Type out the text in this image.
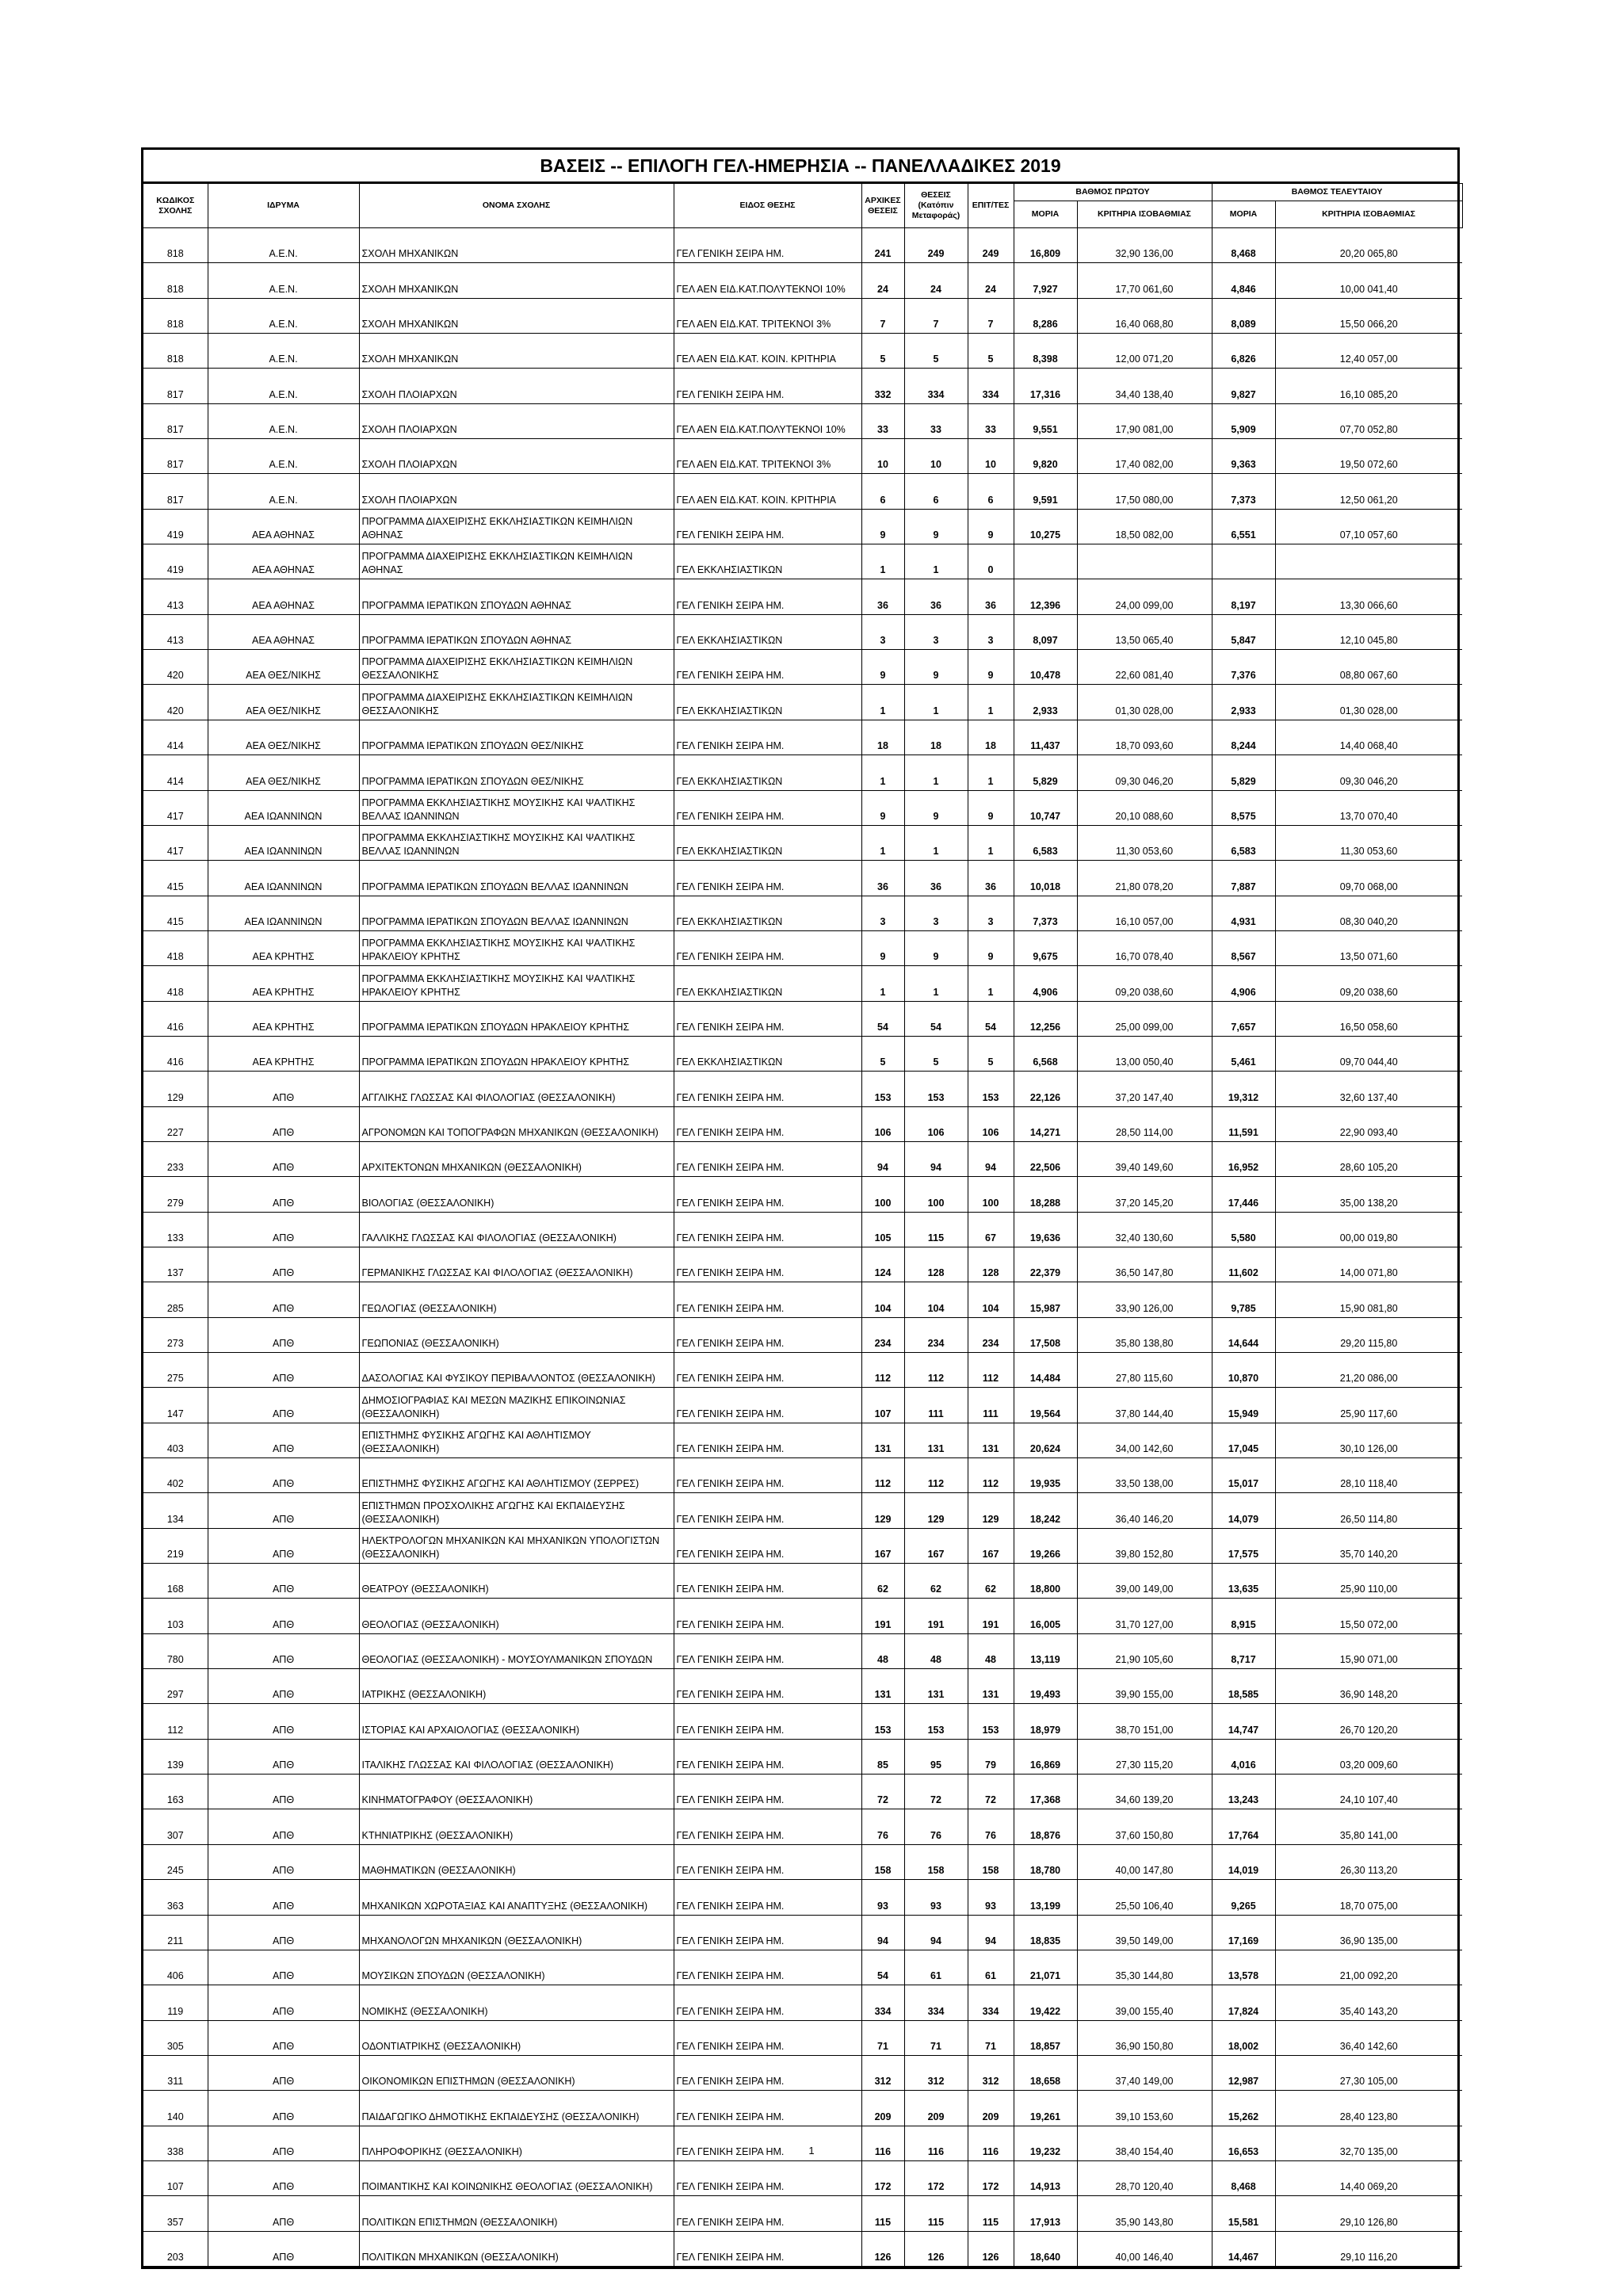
ΒΑΣΕΙΣ -- ΕΠΙΛΟΓΗ ΓΕΛ-ΗΜΕΡΗΣΙΑ -- ΠΑΝΕΛΛΑΔΙΚΕΣ 2019
ΚΩΔΙΚΟΣ ΣΧΟΛΗΣ	ΙΔΡΥΜΑ	ΟΝΟΜΑ ΣΧΟΛΗΣ	ΕΙΔΟΣ ΘΕΣΗΣ	ΑΡΧΙΚΕΣ ΘΕΣΕΙΣ	ΘΕΣΕΙΣ (Κατόπιν Μεταφοράς)	ΕΠΙΤ/ΤΕΣ	ΒΑΘΜΟΣ ΠΡΩΤΟΥ		ΒΑΘΜΟΣ ΤΕΛΕΥΤΑΙΟΥ	
							ΜΟΡΙΑ	ΚΡΙΤΗΡΙΑ ΙΣΟΒΑΘΜΙΑΣ	ΜΟΡΙΑ	ΚΡΙΤΗΡΙΑ ΙΣΟΒΑΘΜΙΑΣ
818	Α.Ε.Ν.	ΣΧΟΛΗ ΜΗΧΑΝΙΚΩΝ	ΓΕΛ ΓΕΝΙΚΗ ΣΕΙΡΑ ΗΜ.	241	249	249	16,809	32,90 136,00	8,468	20,20 065,80
818	Α.Ε.Ν.	ΣΧΟΛΗ ΜΗΧΑΝΙΚΩΝ	ΓΕΛ ΑΕΝ ΕΙΔ.ΚΑΤ.ΠΟΛΥΤΕΚΝΟΙ 10%	24	24	24	7,927	17,70 061,60	4,846	10,00 041,40
818	Α.Ε.Ν.	ΣΧΟΛΗ ΜΗΧΑΝΙΚΩΝ	ΓΕΛ ΑΕΝ ΕΙΔ.ΚΑΤ. ΤΡΙΤΕΚΝΟΙ 3%	7	7	7	8,286	16,40 068,80	8,089	15,50 066,20
818	Α.Ε.Ν.	ΣΧΟΛΗ ΜΗΧΑΝΙΚΩΝ	ΓΕΛ ΑΕΝ ΕΙΔ.ΚΑΤ. ΚΟΙΝ. ΚΡΙΤΗΡΙΑ	5	5	5	8,398	12,00 071,20	6,826	12,40 057,00
817	Α.Ε.Ν.	ΣΧΟΛΗ ΠΛΟΙΑΡΧΩΝ	ΓΕΛ ΓΕΝΙΚΗ ΣΕΙΡΑ ΗΜ.	332	334	334	17,316	34,40 138,40	9,827	16,10 085,20
817	Α.Ε.Ν.	ΣΧΟΛΗ ΠΛΟΙΑΡΧΩΝ	ΓΕΛ ΑΕΝ ΕΙΔ.ΚΑΤ.ΠΟΛΥΤΕΚΝΟΙ 10%	33	33	33	9,551	17,90 081,00	5,909	07,70 052,80
817	Α.Ε.Ν.	ΣΧΟΛΗ ΠΛΟΙΑΡΧΩΝ	ΓΕΛ ΑΕΝ ΕΙΔ.ΚΑΤ. ΤΡΙΤΕΚΝΟΙ 3%	10	10	10	9,820	17,40 082,00	9,363	19,50 072,60
817	Α.Ε.Ν.	ΣΧΟΛΗ ΠΛΟΙΑΡΧΩΝ	ΓΕΛ ΑΕΝ ΕΙΔ.ΚΑΤ. ΚΟΙΝ. ΚΡΙΤΗΡΙΑ	6	6	6	9,591	17,50 080,00	7,373	12,50 061,20
419	ΑΕΑ ΑΘΗΝΑΣ	ΠΡΟΓΡΑΜΜΑ ΔΙΑΧΕΙΡΙΣΗΣ ΕΚΚΛΗΣΙΑΣΤΙΚΩΝ ΚΕΙΜΗΛΙΩΝ ΑΘΗΝΑΣ	ΓΕΛ ΓΕΝΙΚΗ ΣΕΙΡΑ ΗΜ.	9	9	9	10,275	18,50 082,00	6,551	07,10 057,60
419	ΑΕΑ ΑΘΗΝΑΣ	ΠΡΟΓΡΑΜΜΑ ΔΙΑΧΕΙΡΙΣΗΣ ΕΚΚΛΗΣΙΑΣΤΙΚΩΝ ΚΕΙΜΗΛΙΩΝ ΑΘΗΝΑΣ	ΓΕΛ ΕΚΚΛΗΣΙΑΣΤΙΚΩΝ	1	1	0				
413	ΑΕΑ ΑΘΗΝΑΣ	ΠΡΟΓΡΑΜΜΑ ΙΕΡΑΤΙΚΩΝ ΣΠΟΥΔΩΝ ΑΘΗΝΑΣ	ΓΕΛ ΓΕΝΙΚΗ ΣΕΙΡΑ ΗΜ.	36	36	36	12,396	24,00 099,00	8,197	13,30 066,60
413	ΑΕΑ ΑΘΗΝΑΣ	ΠΡΟΓΡΑΜΜΑ ΙΕΡΑΤΙΚΩΝ ΣΠΟΥΔΩΝ ΑΘΗΝΑΣ	ΓΕΛ ΕΚΚΛΗΣΙΑΣΤΙΚΩΝ	3	3	3	8,097	13,50 065,40	5,847	12,10 045,80
420	ΑΕΑ ΘΕΣ/ΝΙΚΗΣ	ΠΡΟΓΡΑΜΜΑ ΔΙΑΧΕΙΡΙΣΗΣ ΕΚΚΛΗΣΙΑΣΤΙΚΩΝ ΚΕΙΜΗΛΙΩΝ ΘΕΣΣΑΛΟΝΙΚΗΣ	ΓΕΛ ΓΕΝΙΚΗ ΣΕΙΡΑ ΗΜ.	9	9	9	10,478	22,60 081,40	7,376	08,80 067,60
420	ΑΕΑ ΘΕΣ/ΝΙΚΗΣ	ΠΡΟΓΡΑΜΜΑ ΔΙΑΧΕΙΡΙΣΗΣ ΕΚΚΛΗΣΙΑΣΤΙΚΩΝ ΚΕΙΜΗΛΙΩΝ ΘΕΣΣΑΛΟΝΙΚΗΣ	ΓΕΛ ΕΚΚΛΗΣΙΑΣΤΙΚΩΝ	1	1	1	2,933	01,30 028,00	2,933	01,30 028,00
414	ΑΕΑ ΘΕΣ/ΝΙΚΗΣ	ΠΡΟΓΡΑΜΜΑ ΙΕΡΑΤΙΚΩΝ ΣΠΟΥΔΩΝ ΘΕΣ/ΝΙΚΗΣ	ΓΕΛ ΓΕΝΙΚΗ ΣΕΙΡΑ ΗΜ.	18	18	18	11,437	18,70 093,60	8,244	14,40 068,40
414	ΑΕΑ ΘΕΣ/ΝΙΚΗΣ	ΠΡΟΓΡΑΜΜΑ ΙΕΡΑΤΙΚΩΝ ΣΠΟΥΔΩΝ ΘΕΣ/ΝΙΚΗΣ	ΓΕΛ ΕΚΚΛΗΣΙΑΣΤΙΚΩΝ	1	1	1	5,829	09,30 046,20	5,829	09,30 046,20
417	ΑΕΑ ΙΩΑΝΝΙΝΩΝ	ΠΡΟΓΡΑΜΜΑ ΕΚΚΛΗΣΙΑΣΤΙΚΗΣ ΜΟΥΣΙΚΗΣ ΚΑΙ ΨΑΛΤΙΚΗΣ ΒΕΛΛΑΣ ΙΩΑΝΝΙΝΩΝ	ΓΕΛ ΓΕΝΙΚΗ ΣΕΙΡΑ ΗΜ.	9	9	9	10,747	20,10 088,60	8,575	13,70 070,40
417	ΑΕΑ ΙΩΑΝΝΙΝΩΝ	ΠΡΟΓΡΑΜΜΑ ΕΚΚΛΗΣΙΑΣΤΙΚΗΣ ΜΟΥΣΙΚΗΣ ΚΑΙ ΨΑΛΤΙΚΗΣ ΒΕΛΛΑΣ ΙΩΑΝΝΙΝΩΝ	ΓΕΛ ΕΚΚΛΗΣΙΑΣΤΙΚΩΝ	1	1	1	6,583	11,30 053,60	6,583	11,30 053,60
415	ΑΕΑ ΙΩΑΝΝΙΝΩΝ	ΠΡΟΓΡΑΜΜΑ ΙΕΡΑΤΙΚΩΝ ΣΠΟΥΔΩΝ ΒΕΛΛΑΣ ΙΩΑΝΝΙΝΩΝ	ΓΕΛ ΓΕΝΙΚΗ ΣΕΙΡΑ ΗΜ.	36	36	36	10,018	21,80 078,20	7,887	09,70 068,00
415	ΑΕΑ ΙΩΑΝΝΙΝΩΝ	ΠΡΟΓΡΑΜΜΑ ΙΕΡΑΤΙΚΩΝ ΣΠΟΥΔΩΝ ΒΕΛΛΑΣ ΙΩΑΝΝΙΝΩΝ	ΓΕΛ ΕΚΚΛΗΣΙΑΣΤΙΚΩΝ	3	3	3	7,373	16,10 057,00	4,931	08,30 040,20
418	ΑΕΑ ΚΡΗΤΗΣ	ΠΡΟΓΡΑΜΜΑ ΕΚΚΛΗΣΙΑΣΤΙΚΗΣ ΜΟΥΣΙΚΗΣ ΚΑΙ ΨΑΛΤΙΚΗΣ ΗΡΑΚΛΕΙΟΥ ΚΡΗΤΗΣ	ΓΕΛ ΓΕΝΙΚΗ ΣΕΙΡΑ ΗΜ.	9	9	9	9,675	16,70 078,40	8,567	13,50 071,60
418	ΑΕΑ ΚΡΗΤΗΣ	ΠΡΟΓΡΑΜΜΑ ΕΚΚΛΗΣΙΑΣΤΙΚΗΣ ΜΟΥΣΙΚΗΣ ΚΑΙ ΨΑΛΤΙΚΗΣ ΗΡΑΚΛΕΙΟΥ ΚΡΗΤΗΣ	ΓΕΛ ΕΚΚΛΗΣΙΑΣΤΙΚΩΝ	1	1	1	4,906	09,20 038,60	4,906	09,20 038,60
416	ΑΕΑ ΚΡΗΤΗΣ	ΠΡΟΓΡΑΜΜΑ ΙΕΡΑΤΙΚΩΝ ΣΠΟΥΔΩΝ ΗΡΑΚΛΕΙΟΥ ΚΡΗΤΗΣ	ΓΕΛ ΓΕΝΙΚΗ ΣΕΙΡΑ ΗΜ.	54	54	54	12,256	25,00 099,00	7,657	16,50 058,60
416	ΑΕΑ ΚΡΗΤΗΣ	ΠΡΟΓΡΑΜΜΑ ΙΕΡΑΤΙΚΩΝ ΣΠΟΥΔΩΝ ΗΡΑΚΛΕΙΟΥ ΚΡΗΤΗΣ	ΓΕΛ ΕΚΚΛΗΣΙΑΣΤΙΚΩΝ	5	5	5	6,568	13,00 050,40	5,461	09,70 044,40
129	ΑΠΘ	ΑΓΓΛΙΚΗΣ ΓΛΩΣΣΑΣ ΚΑΙ ΦΙΛΟΛΟΓΙΑΣ (ΘΕΣΣΑΛΟΝΙΚΗ)	ΓΕΛ ΓΕΝΙΚΗ ΣΕΙΡΑ ΗΜ.	153	153	153	22,126	37,20 147,40	19,312	32,60 137,40
227	ΑΠΘ	ΑΓΡΟΝΟΜΩΝ ΚΑΙ ΤΟΠΟΓΡΑΦΩΝ ΜΗΧΑΝΙΚΩΝ (ΘΕΣΣΑΛΟΝΙΚΗ)	ΓΕΛ ΓΕΝΙΚΗ ΣΕΙΡΑ ΗΜ.	106	106	106	14,271	28,50 114,00	11,591	22,90 093,40
233	ΑΠΘ	ΑΡΧΙΤΕΚΤΟΝΩΝ ΜΗΧΑΝΙΚΩΝ (ΘΕΣΣΑΛΟΝΙΚΗ)	ΓΕΛ ΓΕΝΙΚΗ ΣΕΙΡΑ ΗΜ.	94	94	94	22,506	39,40 149,60	16,952	28,60 105,20
279	ΑΠΘ	ΒΙΟΛΟΓΙΑΣ (ΘΕΣΣΑΛΟΝΙΚΗ)	ΓΕΛ ΓΕΝΙΚΗ ΣΕΙΡΑ ΗΜ.	100	100	100	18,288	37,20 145,20	17,446	35,00 138,20
133	ΑΠΘ	ΓΑΛΛΙΚΗΣ ΓΛΩΣΣΑΣ ΚΑΙ ΦΙΛΟΛΟΓΙΑΣ (ΘΕΣΣΑΛΟΝΙΚΗ)	ΓΕΛ ΓΕΝΙΚΗ ΣΕΙΡΑ ΗΜ.	105	115	67	19,636	32,40 130,60	5,580	00,00 019,80
137	ΑΠΘ	ΓΕΡΜΑΝΙΚΗΣ ΓΛΩΣΣΑΣ ΚΑΙ ΦΙΛΟΛΟΓΙΑΣ (ΘΕΣΣΑΛΟΝΙΚΗ)	ΓΕΛ ΓΕΝΙΚΗ ΣΕΙΡΑ ΗΜ.	124	128	128	22,379	36,50 147,80	11,602	14,00 071,80
285	ΑΠΘ	ΓΕΩΛΟΓΙΑΣ (ΘΕΣΣΑΛΟΝΙΚΗ)	ΓΕΛ ΓΕΝΙΚΗ ΣΕΙΡΑ ΗΜ.	104	104	104	15,987	33,90 126,00	9,785	15,90 081,80
273	ΑΠΘ	ΓΕΩΠΟΝΙΑΣ (ΘΕΣΣΑΛΟΝΙΚΗ)	ΓΕΛ ΓΕΝΙΚΗ ΣΕΙΡΑ ΗΜ.	234	234	234	17,508	35,80 138,80	14,644	29,20 115,80
275	ΑΠΘ	ΔΑΣΟΛΟΓΙΑΣ ΚΑΙ ΦΥΣΙΚΟΥ ΠΕΡΙΒΑΛΛΟΝΤΟΣ (ΘΕΣΣΑΛΟΝΙΚΗ)	ΓΕΛ ΓΕΝΙΚΗ ΣΕΙΡΑ ΗΜ.	112	112	112	14,484	27,80 115,60	10,870	21,20 086,00
147	ΑΠΘ	ΔΗΜΟΣΙΟΓΡΑΦΙΑΣ ΚΑΙ ΜΕΣΩΝ ΜΑΖΙΚΗΣ ΕΠΙΚΟΙΝΩΝΙΑΣ (ΘΕΣΣΑΛΟΝΙΚΗ)	ΓΕΛ ΓΕΝΙΚΗ ΣΕΙΡΑ ΗΜ.	107	111	111	19,564	37,80 144,40	15,949	25,90 117,60
403	ΑΠΘ	ΕΠΙΣΤΗΜΗΣ ΦΥΣΙΚΗΣ ΑΓΩΓΗΣ ΚΑΙ ΑΘΛΗΤΙΣΜΟΥ (ΘΕΣΣΑΛΟΝΙΚΗ)	ΓΕΛ ΓΕΝΙΚΗ ΣΕΙΡΑ ΗΜ.	131	131	131	20,624	34,00 142,60	17,045	30,10 126,00
402	ΑΠΘ	ΕΠΙΣΤΗΜΗΣ ΦΥΣΙΚΗΣ ΑΓΩΓΗΣ ΚΑΙ ΑΘΛΗΤΙΣΜΟΥ (ΣΕΡΡΕΣ)	ΓΕΛ ΓΕΝΙΚΗ ΣΕΙΡΑ ΗΜ.	112	112	112	19,935	33,50 138,00	15,017	28,10 118,40
134	ΑΠΘ	ΕΠΙΣΤΗΜΩΝ ΠΡΟΣΧΟΛΙΚΗΣ ΑΓΩΓΗΣ ΚΑΙ ΕΚΠΑΙΔΕΥΣΗΣ (ΘΕΣΣΑΛΟΝΙΚΗ)	ΓΕΛ ΓΕΝΙΚΗ ΣΕΙΡΑ ΗΜ.	129	129	129	18,242	36,40 146,20	14,079	26,50 114,80
219	ΑΠΘ	ΗΛΕΚΤΡΟΛΟΓΩΝ ΜΗΧΑΝΙΚΩΝ ΚΑΙ ΜΗΧΑΝΙΚΩΝ ΥΠΟΛΟΓΙΣΤΩΝ (ΘΕΣΣΑΛΟΝΙΚΗ)	ΓΕΛ ΓΕΝΙΚΗ ΣΕΙΡΑ ΗΜ.	167	167	167	19,266	39,80 152,80	17,575	35,70 140,20
168	ΑΠΘ	ΘΕΑΤΡΟΥ (ΘΕΣΣΑΛΟΝΙΚΗ)	ΓΕΛ ΓΕΝΙΚΗ ΣΕΙΡΑ ΗΜ.	62	62	62	18,800	39,00 149,00	13,635	25,90 110,00
103	ΑΠΘ	ΘΕΟΛΟΓΙΑΣ (ΘΕΣΣΑΛΟΝΙΚΗ)	ΓΕΛ ΓΕΝΙΚΗ ΣΕΙΡΑ ΗΜ.	191	191	191	16,005	31,70 127,00	8,915	15,50 072,00
780	ΑΠΘ	ΘΕΟΛΟΓΙΑΣ (ΘΕΣΣΑΛΟΝΙΚΗ) - ΜΟΥΣΟΥΛΜΑΝΙΚΩΝ ΣΠΟΥΔΩΝ	ΓΕΛ ΓΕΝΙΚΗ ΣΕΙΡΑ ΗΜ.	48	48	48	13,119	21,90 105,60	8,717	15,90 071,00
297	ΑΠΘ	ΙΑΤΡΙΚΗΣ (ΘΕΣΣΑΛΟΝΙΚΗ)	ΓΕΛ ΓΕΝΙΚΗ ΣΕΙΡΑ ΗΜ.	131	131	131	19,493	39,90 155,00	18,585	36,90 148,20
112	ΑΠΘ	ΙΣΤΟΡΙΑΣ ΚΑΙ ΑΡΧΑΙΟΛΟΓΙΑΣ (ΘΕΣΣΑΛΟΝΙΚΗ)	ΓΕΛ ΓΕΝΙΚΗ ΣΕΙΡΑ ΗΜ.	153	153	153	18,979	38,70 151,00	14,747	26,70 120,20
139	ΑΠΘ	ΙΤΑΛΙΚΗΣ ΓΛΩΣΣΑΣ ΚΑΙ ΦΙΛΟΛΟΓΙΑΣ (ΘΕΣΣΑΛΟΝΙΚΗ)	ΓΕΛ ΓΕΝΙΚΗ ΣΕΙΡΑ ΗΜ.	85	95	79	16,869	27,30 115,20	4,016	03,20 009,60
163	ΑΠΘ	ΚΙΝΗΜΑΤΟΓΡΑΦΟΥ (ΘΕΣΣΑΛΟΝΙΚΗ)	ΓΕΛ ΓΕΝΙΚΗ ΣΕΙΡΑ ΗΜ.	72	72	72	17,368	34,60 139,20	13,243	24,10 107,40
307	ΑΠΘ	ΚΤΗΝΙΑΤΡΙΚΗΣ (ΘΕΣΣΑΛΟΝΙΚΗ)	ΓΕΛ ΓΕΝΙΚΗ ΣΕΙΡΑ ΗΜ.	76	76	76	18,876	37,60 150,80	17,764	35,80 141,00
245	ΑΠΘ	ΜΑΘΗΜΑΤΙΚΩΝ (ΘΕΣΣΑΛΟΝΙΚΗ)	ΓΕΛ ΓΕΝΙΚΗ ΣΕΙΡΑ ΗΜ.	158	158	158	18,780	40,00 147,80	14,019	26,30 113,20
363	ΑΠΘ	ΜΗΧΑΝΙΚΩΝ ΧΩΡΟΤΑΞΙΑΣ ΚΑΙ ΑΝΑΠΤΥΞΗΣ (ΘΕΣΣΑΛΟΝΙΚΗ)	ΓΕΛ ΓΕΝΙΚΗ ΣΕΙΡΑ ΗΜ.	93	93	93	13,199	25,50 106,40	9,265	18,70 075,00
211	ΑΠΘ	ΜΗΧΑΝΟΛΟΓΩΝ ΜΗΧΑΝΙΚΩΝ (ΘΕΣΣΑΛΟΝΙΚΗ)	ΓΕΛ ΓΕΝΙΚΗ ΣΕΙΡΑ ΗΜ.	94	94	94	18,835	39,50 149,00	17,169	36,90 135,00
406	ΑΠΘ	ΜΟΥΣΙΚΩΝ ΣΠΟΥΔΩΝ (ΘΕΣΣΑΛΟΝΙΚΗ)	ΓΕΛ ΓΕΝΙΚΗ ΣΕΙΡΑ ΗΜ.	54	61	61	21,071	35,30 144,80	13,578	21,00 092,20
119	ΑΠΘ	ΝΟΜΙΚΗΣ (ΘΕΣΣΑΛΟΝΙΚΗ)	ΓΕΛ ΓΕΝΙΚΗ ΣΕΙΡΑ ΗΜ.	334	334	334	19,422	39,00 155,40	17,824	35,40 143,20
305	ΑΠΘ	ΟΔΟΝΤΙΑΤΡΙΚΗΣ (ΘΕΣΣΑΛΟΝΙΚΗ)	ΓΕΛ ΓΕΝΙΚΗ ΣΕΙΡΑ ΗΜ.	71	71	71	18,857	36,90 150,80	18,002	36,40 142,60
311	ΑΠΘ	ΟΙΚΟΝΟΜΙΚΩΝ ΕΠΙΣΤΗΜΩΝ (ΘΕΣΣΑΛΟΝΙΚΗ)	ΓΕΛ ΓΕΝΙΚΗ ΣΕΙΡΑ ΗΜ.	312	312	312	18,658	37,40 149,00	12,987	27,30 105,00
140	ΑΠΘ	ΠΑΙΔΑΓΩΓΙΚΟ ΔΗΜΟΤΙΚΗΣ ΕΚΠΑΙΔΕΥΣΗΣ (ΘΕΣΣΑΛΟΝΙΚΗ)	ΓΕΛ ΓΕΝΙΚΗ ΣΕΙΡΑ ΗΜ.	209	209	209	19,261	39,10 153,60	15,262	28,40 123,80
338	ΑΠΘ	ΠΛΗΡΟΦΟΡΙΚΗΣ (ΘΕΣΣΑΛΟΝΙΚΗ)	ΓΕΛ ΓΕΝΙΚΗ ΣΕΙΡΑ ΗΜ.	116	116	116	19,232	38,40 154,40	16,653	32,70 135,00
107	ΑΠΘ	ΠΟΙΜΑΝΤΙΚΗΣ ΚΑΙ ΚΟΙΝΩΝΙΚΗΣ ΘΕΟΛΟΓΙΑΣ (ΘΕΣΣΑΛΟΝΙΚΗ)	ΓΕΛ ΓΕΝΙΚΗ ΣΕΙΡΑ ΗΜ.	172	172	172	14,913	28,70 120,40	8,468	14,40 069,20
357	ΑΠΘ	ΠΟΛΙΤΙΚΩΝ ΕΠΙΣΤΗΜΩΝ (ΘΕΣΣΑΛΟΝΙΚΗ)	ΓΕΛ ΓΕΝΙΚΗ ΣΕΙΡΑ ΗΜ.	115	115	115	17,913	35,90 143,80	15,581	29,10 126,80
203	ΑΠΘ	ΠΟΛΙΤΙΚΩΝ ΜΗΧΑΝΙΚΩΝ (ΘΕΣΣΑΛΟΝΙΚΗ)	ΓΕΛ ΓΕΝΙΚΗ ΣΕΙΡΑ ΗΜ.	126	126	126	18,640	40,00 146,40	14,467	29,10 116,20
1
